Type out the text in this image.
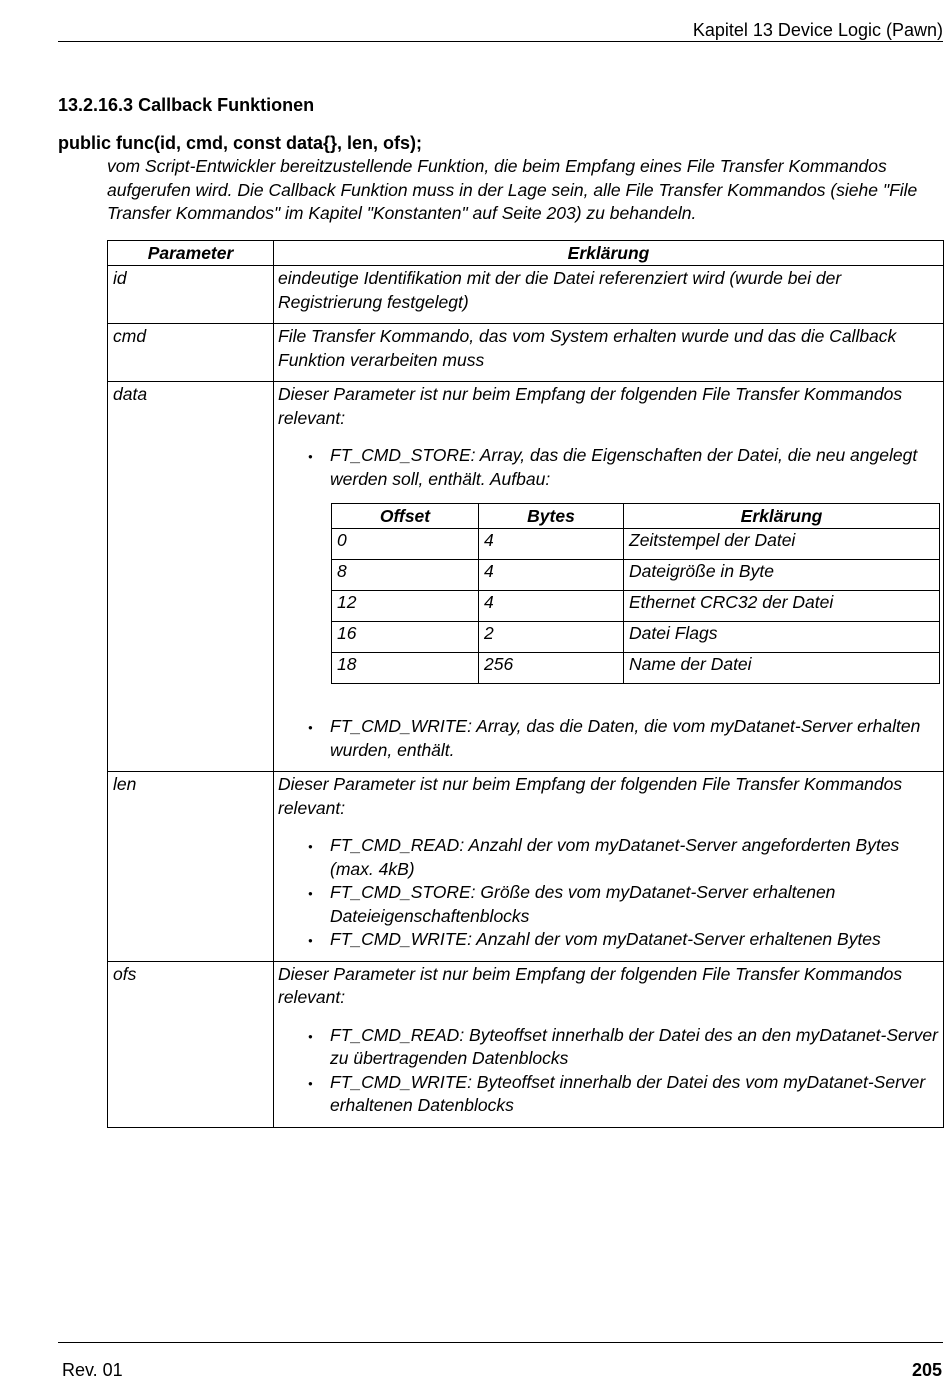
Kapitel 13 Device Logic (Pawn)
13.2.16.3 Callback Funktionen
public func(id, cmd, const data{}, len, ofs);
vom Script-Entwickler bereitzustellende Funktion, die beim Empfang eines File Transfer Kommandos aufgerufen wird. Die Callback Funktion muss in der Lage sein, alle File Transfer Kommandos (siehe "File Transfer Kommandos" im Kapitel "Konstanten" auf Seite 203) zu behandeln.
Parameter	Erklärung
id	eindeutige Identifikation mit der die Datei referenziert wird (wurde bei der Registrierung festgelegt)
cmd	File Transfer Kommando, das vom System erhalten wurde und das die Callback Funktion verarbeiten muss
data	Dieser Parameter ist nur beim Empfang der folgenden File Transfer Kommandos relevant:
● FT_CMD_STORE: Array, das die Eigenschaften der Datei, die neu angelegt werden soll, enthält. Aufbau:
Offset	Bytes	Erklärung
0	4	Zeitstempel der Datei
8	4	Dateigröße in Byte
12	4	Ethernet CRC32 der Datei
16	2	Datei Flags
18	256	Name der Datei
● FT_CMD_WRITE: Array, das die Daten, die vom myDatanet-Server erhalten wurden, enthält.

len	Dieser Parameter ist nur beim Empfang der folgenden File Transfer Kommandos relevant:
● FT_CMD_READ: Anzahl der vom myDatanet-Server angeforderten Bytes (max. 4kB)
● FT_CMD_STORE: Größe des vom myDatanet-Server erhaltenen Dateieigenschaftenblocks
● FT_CMD_WRITE: Anzahl der vom myDatanet-Server erhaltenen Bytes

ofs	Dieser Parameter ist nur beim Empfang der folgenden File Transfer Kommandos relevant:
● FT_CMD_READ: Byteoffset innerhalb der Datei des an den myDatanet-Server zu übertragenden Datenblocks
● FT_CMD_WRITE: Byteoffset innerhalb der Datei des vom myDatanet-Server erhaltenen Datenblocks
Rev. 01	205
